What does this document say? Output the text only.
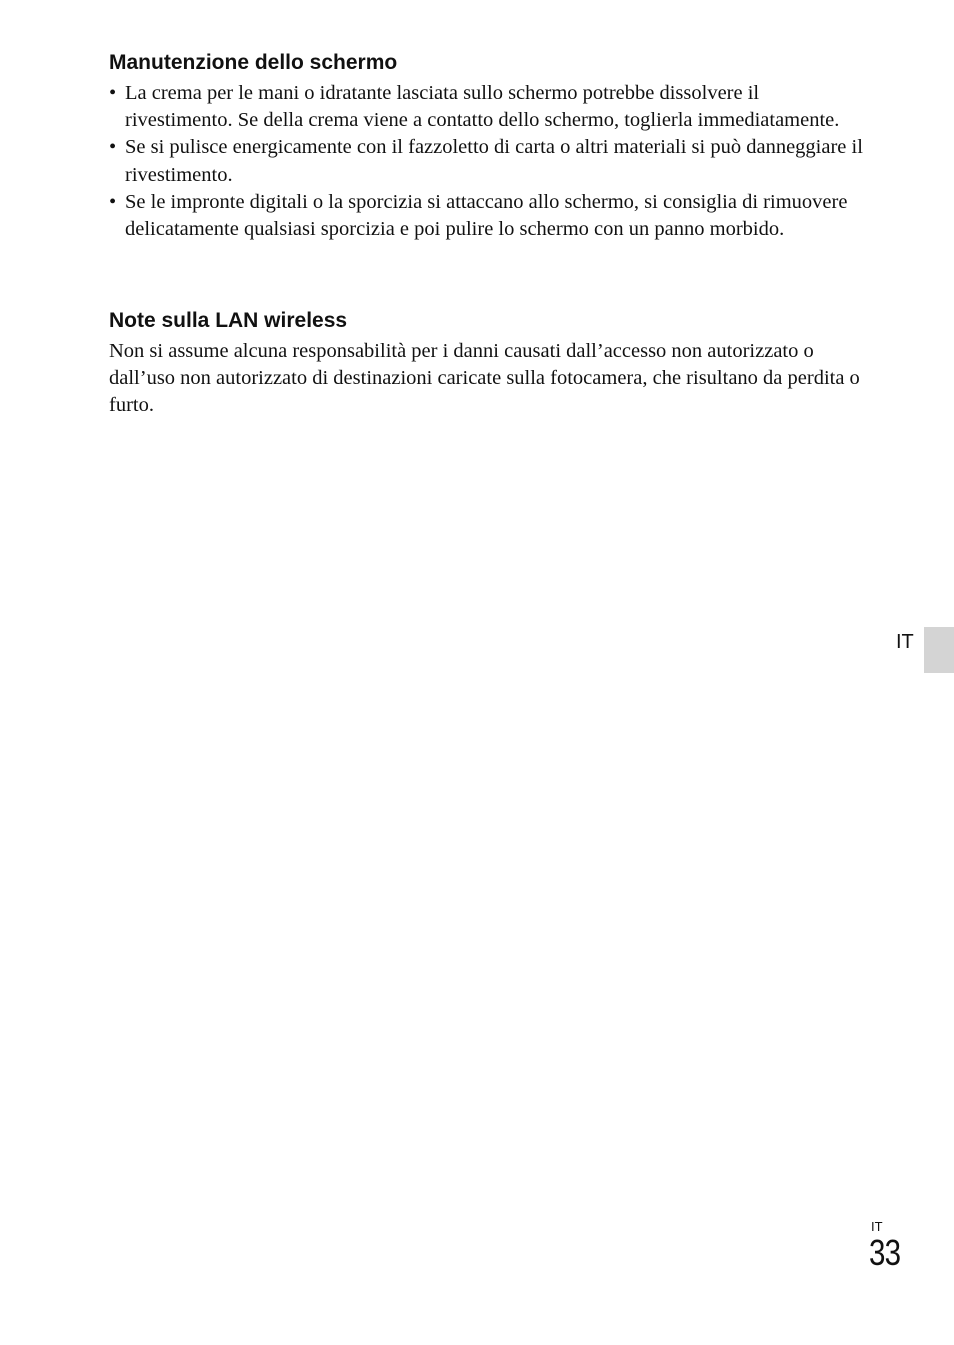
Manutenzione dello schermo
• La crema per le mani o idratante lasciata sullo schermo potrebbe dissolvere il rivestimento. Se della crema viene a contatto dello schermo, toglierla immediatamente.
• Se si pulisce energicamente con il fazzoletto di carta o altri materiali si può danneggiare il rivestimento.
• Se le impronte digitali o la sporcizia si attaccano allo schermo, si consiglia di rimuovere delicatamente qualsiasi sporcizia e poi pulire lo schermo con un panno morbido.
Note sulla LAN wireless

Non si assume alcuna responsabilità per i danni causati dall’accesso non autorizzato o dall’uso non autorizzato di destinazioni caricate sulla fotocamera, che risultano da perdita o furto.

IT
IT
33
